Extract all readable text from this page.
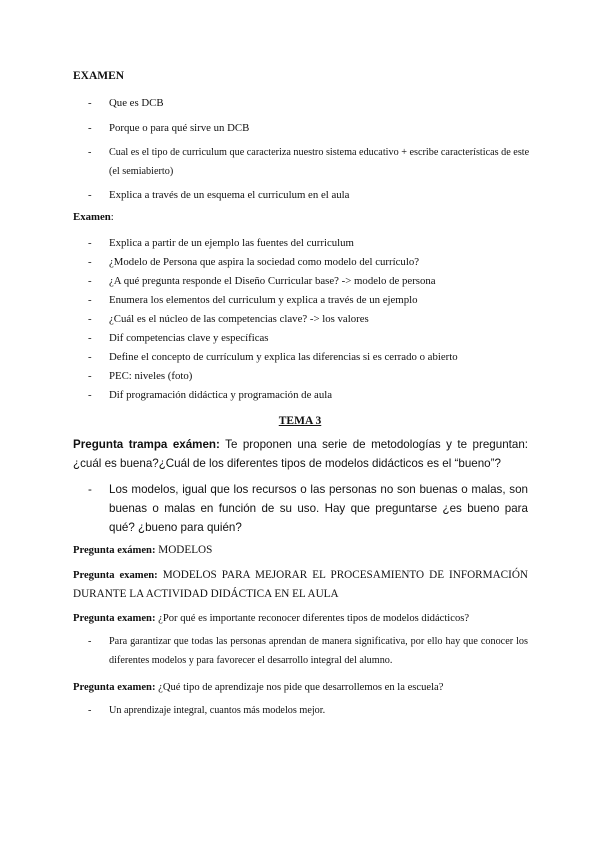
EXAMEN
-	Que es DCB
-	Porque o para qué sirve un DCB
-	Cual es el tipo de curriculum que caracteriza nuestro sistema educativo + escribe características de este (el semiabierto)
-	Explica a través de un esquema el curriculum en el aula
Examen:
-	Explica a partir de un ejemplo las fuentes del curriculum
-	¿Modelo de Persona que aspira la sociedad como modelo del currículo?
-	¿A qué pregunta responde el Diseño Curricular base? -> modelo de persona
-	Enumera los elementos del curriculum y explica a través de un ejemplo
-	¿Cuál es el núcleo de las competencias clave? -> los valores
-	Dif competencias clave y específicas
-	Define el concepto de currículum y explica las diferencias si es cerrado o abierto
-	PEC: niveles (foto)
-	Dif programación didáctica y programación de aula
TEMA 3
Pregunta trampa exámen: Te proponen una serie de metodologías y te preguntan: ¿cuál es buena?¿Cuál de los diferentes tipos de modelos didácticos es el “bueno”?
-	Los modelos, igual que los recursos o las personas no son buenas o malas, son buenas o malas en función de su uso. Hay que preguntarse ¿es bueno para qué? ¿bueno para quién?
Pregunta exámen: MODELOS
Pregunta examen: MODELOS PARA MEJORAR EL PROCESAMIENTO DE INFORMACIÓN DURANTE LA ACTIVIDAD DIDÁCTICA EN EL AULA
Pregunta examen: ¿Por qué es importante reconocer diferentes tipos de modelos didácticos?
-	Para garantizar que todas las personas aprendan de manera significativa, por ello hay que conocer los diferentes modelos y para favorecer el desarrollo integral del alumno.
Pregunta examen: ¿Qué tipo de aprendizaje nos pide que desarrollemos en la escuela?
-	Un aprendizaje integral, cuantos más modelos mejor.
